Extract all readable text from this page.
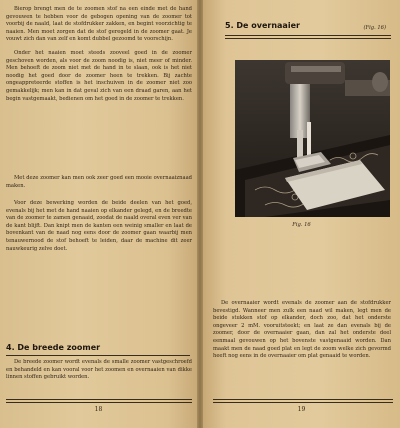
Bierop brengt men de te zoomen stof na een einde met de hand gevouwen te hebben voor de gebogen opening van de zoomer tot voorbij de naald, laat de stofdrukker zakken, en begint voorzichtig te naaien. Men moet zorgen dat de stof geregeld in de zoomer gaat. Je vouwt zich dan van zelf en komt dubbel gezoomd te voorschijn.

Onder het naaien moet steeds zooveel goed in de zoomer geschoven worden, als voor de zoom noodig is, niet meer of minder. Men behoeft de zoom niet met de hand in te slaan, ook is het niet noodig het goed door de zoomer heen te trekken. Bij zachte ongeappreteerde stoffen is het inschuiven in de zoomer niet zoo gemakkelijk; men kan in dat geval zich van een draad garen, aan het begin vastgemaakt, bedienen om het goed in de zoomer te trekken.

Met deze zoomer kan men ook zeer goed een mooie overnaaiznaad maken.

Voor deze bewerking worden de beide deelen van het goed, evenals bij het met de hand naaien op elkander gelegd, en de breedte van de zoomer te zamen genaaid, zoodat de naald overal even ver van de kant blijft. Dan knipt men de kanten een weinig smaller en laat de bovenkant van de naad nog eens door de zoomer gaan waarbij men tenauwernood de stof behoeft te leiden, daar de machine dit zeer nauwkeurig zelve doet.

4. De breede zoomer

De breede zoomer wordt evenals de smalle zoomer vastgeschroefd en behandeld en kan vooral voor het zoomen en overnaaien van dikke linnen stoffen gebruikt worden.

18
5. De overnaaier	(Fig. 16)
Fig. 16

De overnaaier wordt evenals de zoomer aan de stofdrukker bevestigd. Wanneer men zulk een naad wil maken, legt men de beide stukken stof op elkander, doch zoo, dat het onderste ongeveer 2 mM. vooruitsteekt; en laat ze dan evenals bij de zoomer, door de overnaaier gaan, dan zal het onderste deel eenmaal gevouwen op het bovenste vastgenaaid worden. Dan maakt men de naad goed plat en legt de zoom welke zich gevormd heeft nog eens in de overnaaier om plat genaaid te worden.

19
